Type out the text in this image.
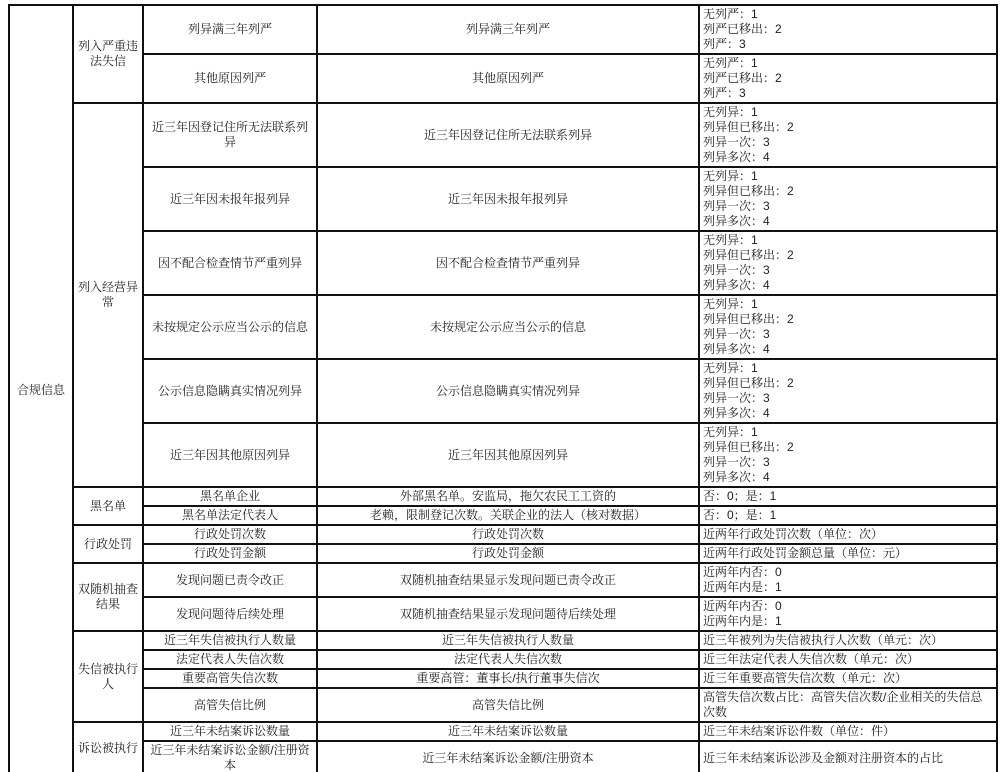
合规信息	列入严重违法失信	列异满三年列严	列异满三年列严	无列严：1
列严已移出：2
列严：3

		其他原因列严	其他原因列严	无列严：1
列严已移出：2
列严：3

	列入经营异常	近三年因登记住所无法联系列异	近三年因登记住所无法联系列异	无列异：1
列异但已移出：2
列异一次：3
列异多次：4

		近三年因未报年报列异	近三年因未报年报列异	无列异：1
列异但已移出：2
列异一次：3
列异多次：4

		因不配合检查情节严重列异	因不配合检查情节严重列异	无列异：1
列异但已移出：2
列异一次：3
列异多次：4

		未按规定公示应当公示的信息	未按规定公示应当公示的信息	无列异：1
列异但已移出：2
列异一次：3
列异多次：4

		公示信息隐瞒真实情况列异	公示信息隐瞒真实情况列异	无列异：1
列异但已移出：2
列异一次：3
列异多次：4

		近三年因其他原因列异	近三年因其他原因列异	无列异：1
列异但已移出：2
列异一次：3
列异多次：4

	黑名单	黑名单企业	外部黑名单。安监局，拖欠农民工工资的	否：0；是：1

		黑名单法定代表人	老赖，限制登记次数。关联企业的法人（核对数据）	否：0；是：1

	行政处罚	行政处罚次数	行政处罚次数	近两年行政处罚次数（单位：次）

		行政处罚金额	行政处罚金额	近两年行政处罚金额总量（单位：元）

	双随机抽查结果	发现问题已责令改正	双随机抽查结果显示发现问题已责令改正	近两年内否：0
近两年内是：1

		发现问题待后续处理	双随机抽查结果显示发现问题待后续处理	近两年内否：0
近两年内是：1

	失信被执行人	近三年失信被执行人数量	近三年失信被执行人数量	近三年被列为失信被执行人次数（单元：次）

		法定代表人失信次数	法定代表人失信次数	近三年法定代表人失信次数（单元：次）

		重要高管失信次数	重要高管：董事长/执行董事失信次	近三年重要高管失信次数（单元：次）

		高管失信比例	高管失信比例	高管失信次数占比：高管失信次数/企业相关的失信总次数

	诉讼被执行	近三年未结案诉讼数量	近三年未结案诉讼数量	近三年未结案诉讼件数（单位：件）

		近三年未结案诉讼金额/注册资本	近三年未结案诉讼金额/注册资本	近三年未结案诉讼涉及金额对注册资本的占比
